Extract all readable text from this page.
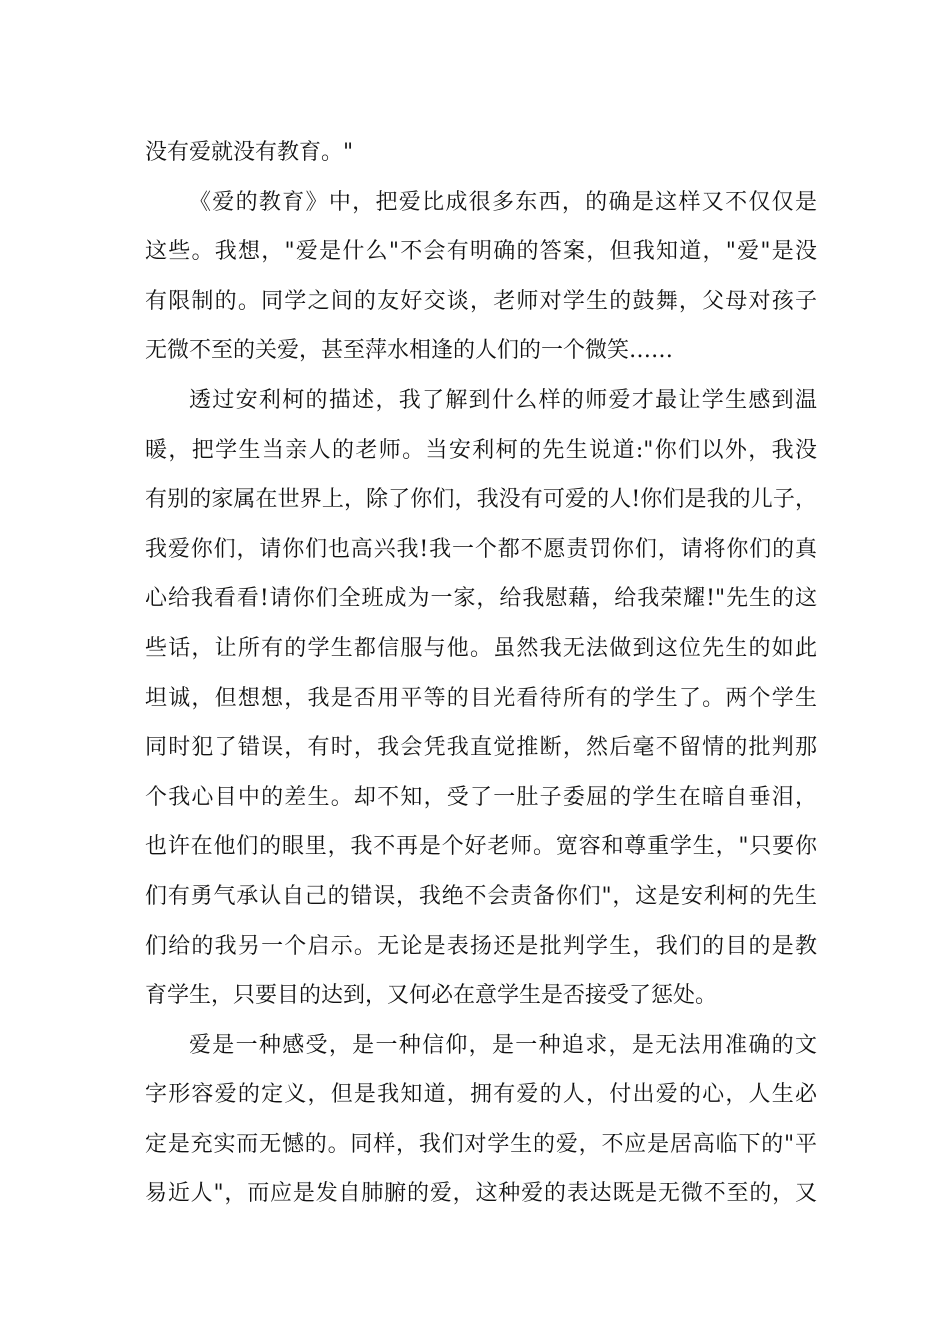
没有爱就没有教育。"
《爱的教育》中，把爱比成很多东西，的确是这样又不仅仅是
这些。我想，"爱是什么"不会有明确的答案，但我知道，"爱"是没
有限制的。同学之间的友好交谈，老师对学生的鼓舞，父母对孩子
无微不至的关爱，甚至萍水相逢的人们的一个微笑……
透过安利柯的描述，我了解到什么样的师爱才最让学生感到温
暖，把学生当亲人的老师。当安利柯的先生说道:"你们以外，我没
有别的家属在世界上，除了你们，我没有可爱的人!你们是我的儿子，
我爱你们，请你们也高兴我!我一个都不愿责罚你们，请将你们的真
心给我看看!请你们全班成为一家，给我慰藉，给我荣耀!"先生的这
些话，让所有的学生都信服与他。虽然我无法做到这位先生的如此
坦诚，但想想，我是否用平等的目光看待所有的学生了。两个学生
同时犯了错误，有时，我会凭我直觉推断，然后毫不留情的批判那
个我心目中的差生。却不知，受了一肚子委屈的学生在暗自垂泪，
也许在他们的眼里，我不再是个好老师。宽容和尊重学生，"只要你
们有勇气承认自己的错误，我绝不会责备你们"，这是安利柯的先生
们给的我另一个启示。无论是表扬还是批判学生，我们的目的是教
育学生，只要目的达到，又何必在意学生是否接受了惩处。
爱是一种感受，是一种信仰，是一种追求，是无法用准确的文
字形容爱的定义，但是我知道，拥有爱的人，付出爱的心，人生必
定是充实而无憾的。同样，我们对学生的爱，不应是居高临下的"平
易近人"，而应是发自肺腑的爱，这种爱的表达既是无微不至的，又
